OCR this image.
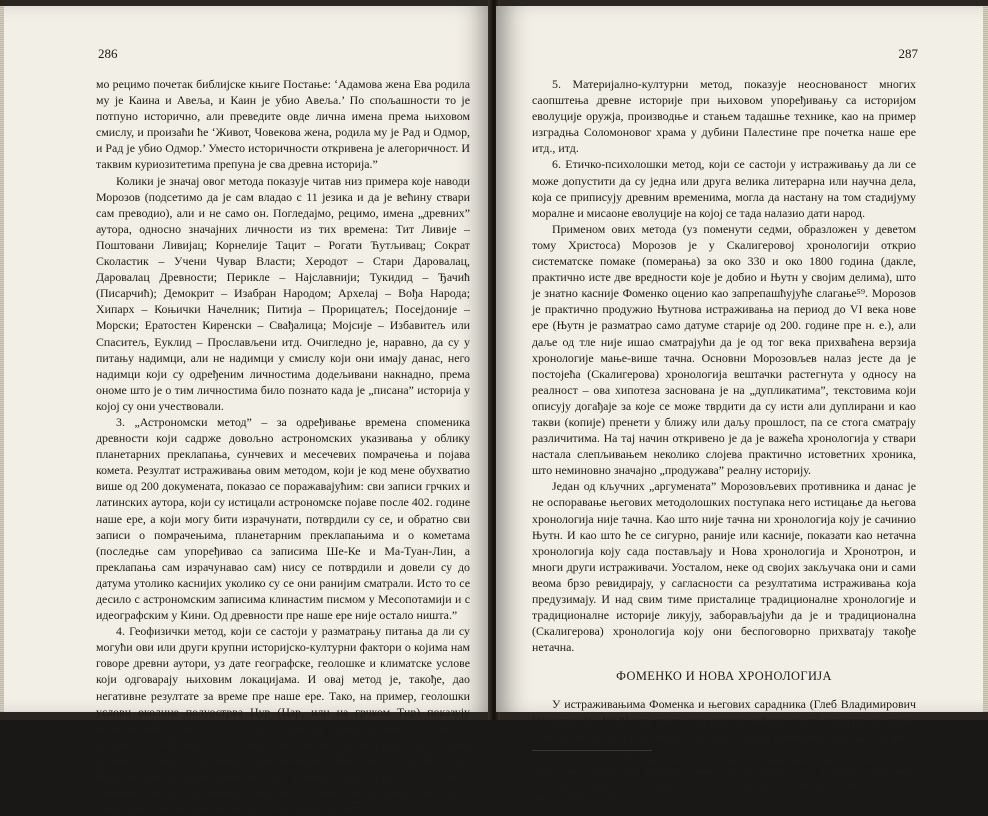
286

мо рецимо почетак библијске књиге Постање: ‘Адамова жена Ева родила му је Каина и Авеља, и Каин је убио Авеља.’ По спољашности то је потпуно историчнo, али преведите овде лична имена према њиховом смислу, и произаћи ће ‘Живот, Човекова жена, родила му је Рад и Одмор, и Рад је убио Одмор.’ Уместо историчности откривена је алегоричност. И таквим куриозитетима препуна је сва древна историја.”

Колики је значај овог метода показује читав низ примера које наводи Морозов (подсетимо да је сам владао с 11 језика и да је већину ствари сам преводио), али и не само он. Погледајмо, рецимо, имена „древних” аутора, односно значајних личности из тих времена: Тит Ливије – Поштовани Ливијац; Корнелије Тацит – Рогати Ћутљивац; Сократ Сколастик – Учени Чувар Власти; Херодот – Стари Даровалац, Даровалац Древности; Перикле – Најславнији; Тукидид – Ђачић (Писарчић); Демокрит – Изабран Народом; Архелај – Вођа Народа; Хипарх – Коњички Начелник; Питија – Прорицатељ; Посејдоније – Морски; Ератостен Киренски – Свађалица; Мојсије – Избавитељ или Спаситељ, Еуклид – Прослављени итд. Очигледно је, наравно, да су у питању надимци, али не надимци у смислу који они имају данас, него надимци који су одређеним личностима додељивани накнадно, према ономе што је о тим личностима било познато када је „писана” историја у којој су они учествовали.

3. „Астрономски метод” – за одређивање времена споменика древности који садрже довољно астрономских указивања у облику планетарних преклапања, сунчевих и месечевих помрачења и појава комета. Резултат истраживања овим методом, који је код мене обухватио више од 200 докумената, показао се поражавајућим: сви записи грчких и латинских аутора, који су истицали астрономске појаве после 402. године наше ере, а који могу бити израчунати, потврдили су се, и обратно сви записи о помрачењима, планетарним преклапањима и о кометама (последње сам упоређивао са записима Ше-Ке и Ма-Туан-Лин, а преклапања сам израчунавао сам) нису се потврдили и довели су до датума утолико каснијих уколико су се они ранијим сматрали. Исто то се десило с астрономским записима клинастим писмом у Месопотамији и с идеографским у Кини. Од древности пре наше ере није остало ништа.”

4. Геофизички метод, који се састоји у разматрању питања да ли су могући ови или други крупни историјско-културни фактори о којима нам говоре древни аутори, уз дате географске, геолошке и климатске услове који одговарају њиховим локацијама. И овај метод је, такође, дао негативне резултате за време пре наше ере. Тако, на пример, геолошки услови околине полуострва Цур (Цар, или на грчком Тир) показују физичку немогућност да се ту, па и на целој Сиријској обали, од Јафе до Анадолије, образује било какво заклоњено од ветрова или уопште подобно за морску пловидбу пристаниште. Значи да ту није могао да буде ни центар мореплловства, него једино у Цариграду. Исто тако и планина Синај, која никада није била вулкан, не одговара као место Мојсијевог законодавства на гори која „дише огњем”.

287

5. Материјално-културни метод, показује неосновaност многих саопштења древне историје при њиховом упоређивању са историјом еволуције оружја, производње и стањем тадашње технике, као на пример изградња Соломоновог храма у дубини Палестине пре почетка наше ере итд., итд.

6. Етичко-психолошки метод, који се састоји у истраживању да ли се може допустити да су једна или друга велика литерарна или научна дела, која се приписују древним временима, могла да настану на том стадијуму моралне и мисаоне еволуције на којој се тада налазио дати народ.

Применом ових метода (уз поменути седми, образложен у деветом тому Христоса) Морозов је у Скалигеровој хронологији открио систематске помаке (померања) за око 330 и око 1800 година (дакле, практично исте две вредности које је добио и Њутн у својим делима), што је знатно касније Фоменко оценио као запрепашћујуће слагање⁵⁹. Морозов је практично продужио Њутнова истраживања на период до VI века нове ере (Њутн је разматрао само датуме старије од 200. године пре н. е.), али даље од тле није ишао сматрајући да је од тог века прихваћена верзија хронологије мање-више тачна. Основни Морозовљев налаз јесте да је постојећа (Скалигерова) хронологија вештачки растегнута у односу на реалност – ова хипотеза заснована је на „дупликатима”, текстовима који описују догађаје за које се може тврдити да су исти али дуплирани и као такви (копије) пренети у ближу или даљу прошлост, па се стога сматрају различитима. На тај начин откривено је да је важећа хронологија у ствари настала слепљивањем неколико слојева практично истоветних хроника, што неминовно значајно „продужава” реалну историју.

Један од кључних „аргумената” Морозовљевих противника и данас је не оспоравање његових методолошких поступака него истицање да његова хронологија није тачна. Као што није тачна ни хронологија коју је сачинио Њутн. И као што ће се сигурно, раније или касније, показати као нетачна хронологија коју сада постављају и Нова хронологија и Хронотрон, и многи други истраживачи. Уосталом, неке од својих закључака они и сами веома брзо ревидирају, у сагласности са резултатима истраживања која предузимају. И над свим тиме присталице традиционалне хронологије и традиционалне историје ликују, заборављајући да је и традиционална (Скалигерова) хронологија коју они беспоговорно прихватају такође нетачна.

ФОМЕНКО И НОВА ХРОНОЛОГИЈА

У истраживањима Фоменка и његових сарадника (Глеб Владимирович Носовски [р. 1958], пре свега, као коаутор већине књига издатих од стране Нове хронологије) откривена су и друга оваква померања, тако да се изре-

59 А. Т. Фоменко, Методы статистического анализа нарративных текстов и приложения к хронологии, Москва 1990. (Цитирано према српском преводу: А. Т. Фоменко, Математички поглед на историју – Статистичка хронологија, Математички институт САНУ и ДОСИЈЕ, Београд 1997, стр. 19).
